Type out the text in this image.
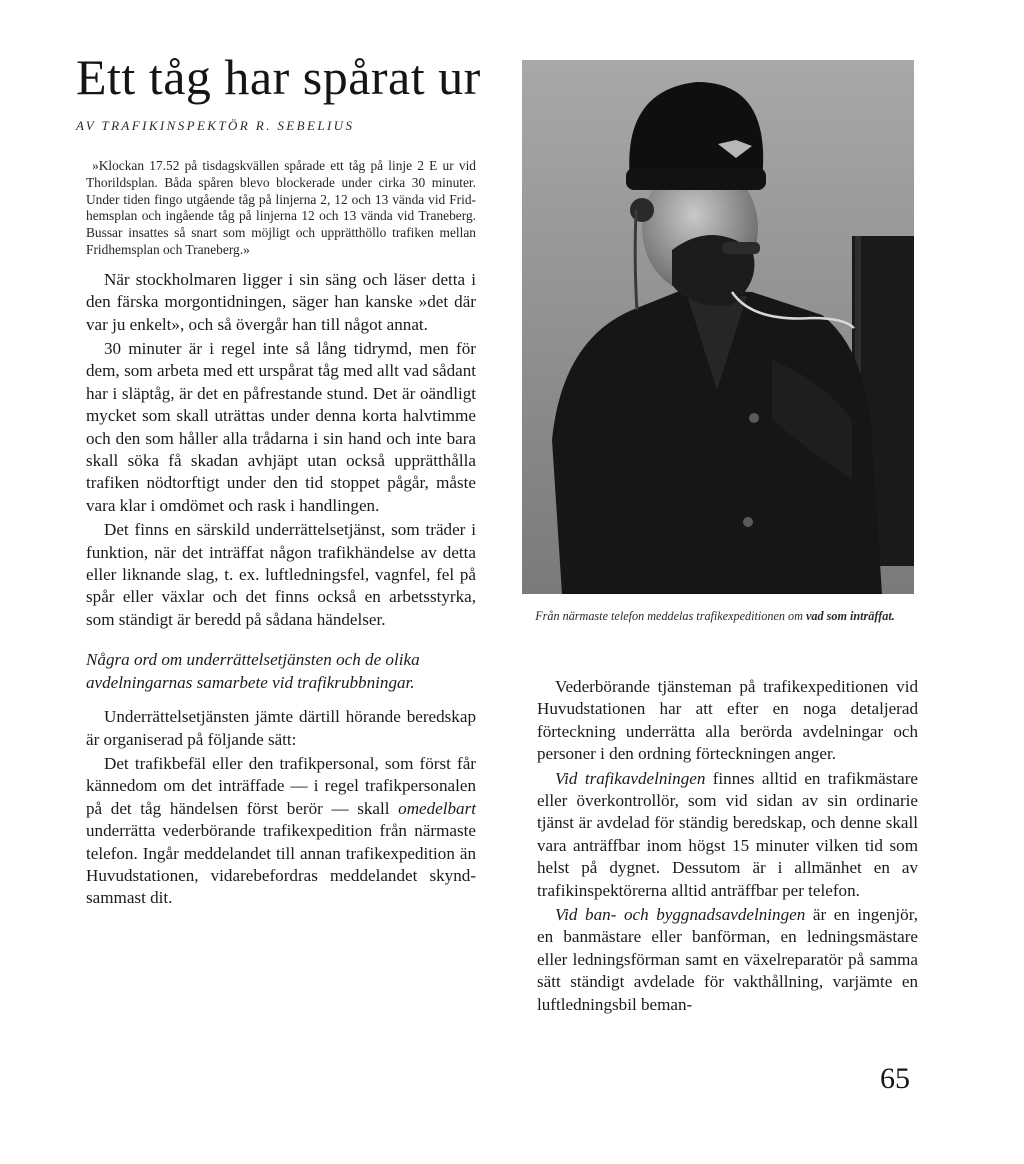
Ett tåg har spårat ur

AV TRAFIKINSPEKTÖR R. SEBELIUS

»Klockan 17.52 på tisdagskvällen spårade ett tåg på linje 2 E ur vid Thorildsplan. Båda spåren blevo blockerade under cirka 30 minuter. Under tiden fingo utgående tåg på linjerna 2, 12 och 13 vända vid Fridhemsplan och ingående tåg på linjerna 12 och 13 vända vid Traneberg. Bussar insattes så snart som möjligt och upprätthöllo trafiken mellan Fridhemsplan och Traneberg.»

När stockholmaren ligger i sin säng och läser detta i den färska morgontidningen, säger han kanske »det där var ju enkelt», och så övergår han till något annat.

30 minuter är i regel inte så lång tidrymd, men för dem, som arbeta med ett urspårat tåg med allt vad sådant har i släptåg, är det en påfrestande stund. Det är oändligt mycket som skall uträttas under denna korta halvtimme och den som håller alla trådarna i sin hand och inte bara skall söka få skadan avhjäpt utan också upprätthålla trafiken nödtorftigt under den tid stoppet pågår, måste vara klar i omdömet och rask i handlingen.

Det finns en särskild underrättelsetjänst, som träder i funktion, när det inträffat någon trafikhändelse av detta eller liknande slag, t. ex. luftledningsfel, vagnfel, fel på spår eller växlar och det finns också en arbetsstyrka, som ständigt är beredd på sådana händelser.

Några ord om underrättelsetjänsten och de olika avdelningarnas samarbete vid trafikrubbningar.

Underrättelsetjänsten jämte därtill hörande beredskap är organiserad på följande sätt:

Det trafikbefäl eller den trafikpersonal, som först får kännedom om det inträffade — i regel trafikpersonalen på det tåg händelsen först berör — skall omedelbart underrätta vederbörande trafikexpedition från närmaste telefon. Ingår meddelandet till annan trafikexpedition än Huvudstationen, vidarebefordras meddelandet skyndsammast dit.

Från närmaste telefon meddelas trafikexpeditionen om vad som inträffat.

Vederbörande tjänsteman på trafikexpeditionen vid Huvudstationen har att efter en noga detaljerad förteckning underrätta alla berörda avdelningar och personer i den ordning förteckningen anger.

Vid trafikavdelningen finnes alltid en trafikmästare eller överkontrollör, som vid sidan av sin ordinarie tjänst är avdelad för ständig beredskap, och denne skall vara anträffbar inom högst 15 minuter vilken tid som helst på dygnet. Dessutom är i allmänhet en av trafikinspektörerna alltid anträffbar per telefon.

Vid ban- och byggnadsavdelningen är en ingenjör, en banmästare eller banförman, en ledningsmästare eller ledningsförman samt en växelreparatör på samma sätt ständigt avdelade för vakthållning, varjämte en luftledningsbil beman-

65
